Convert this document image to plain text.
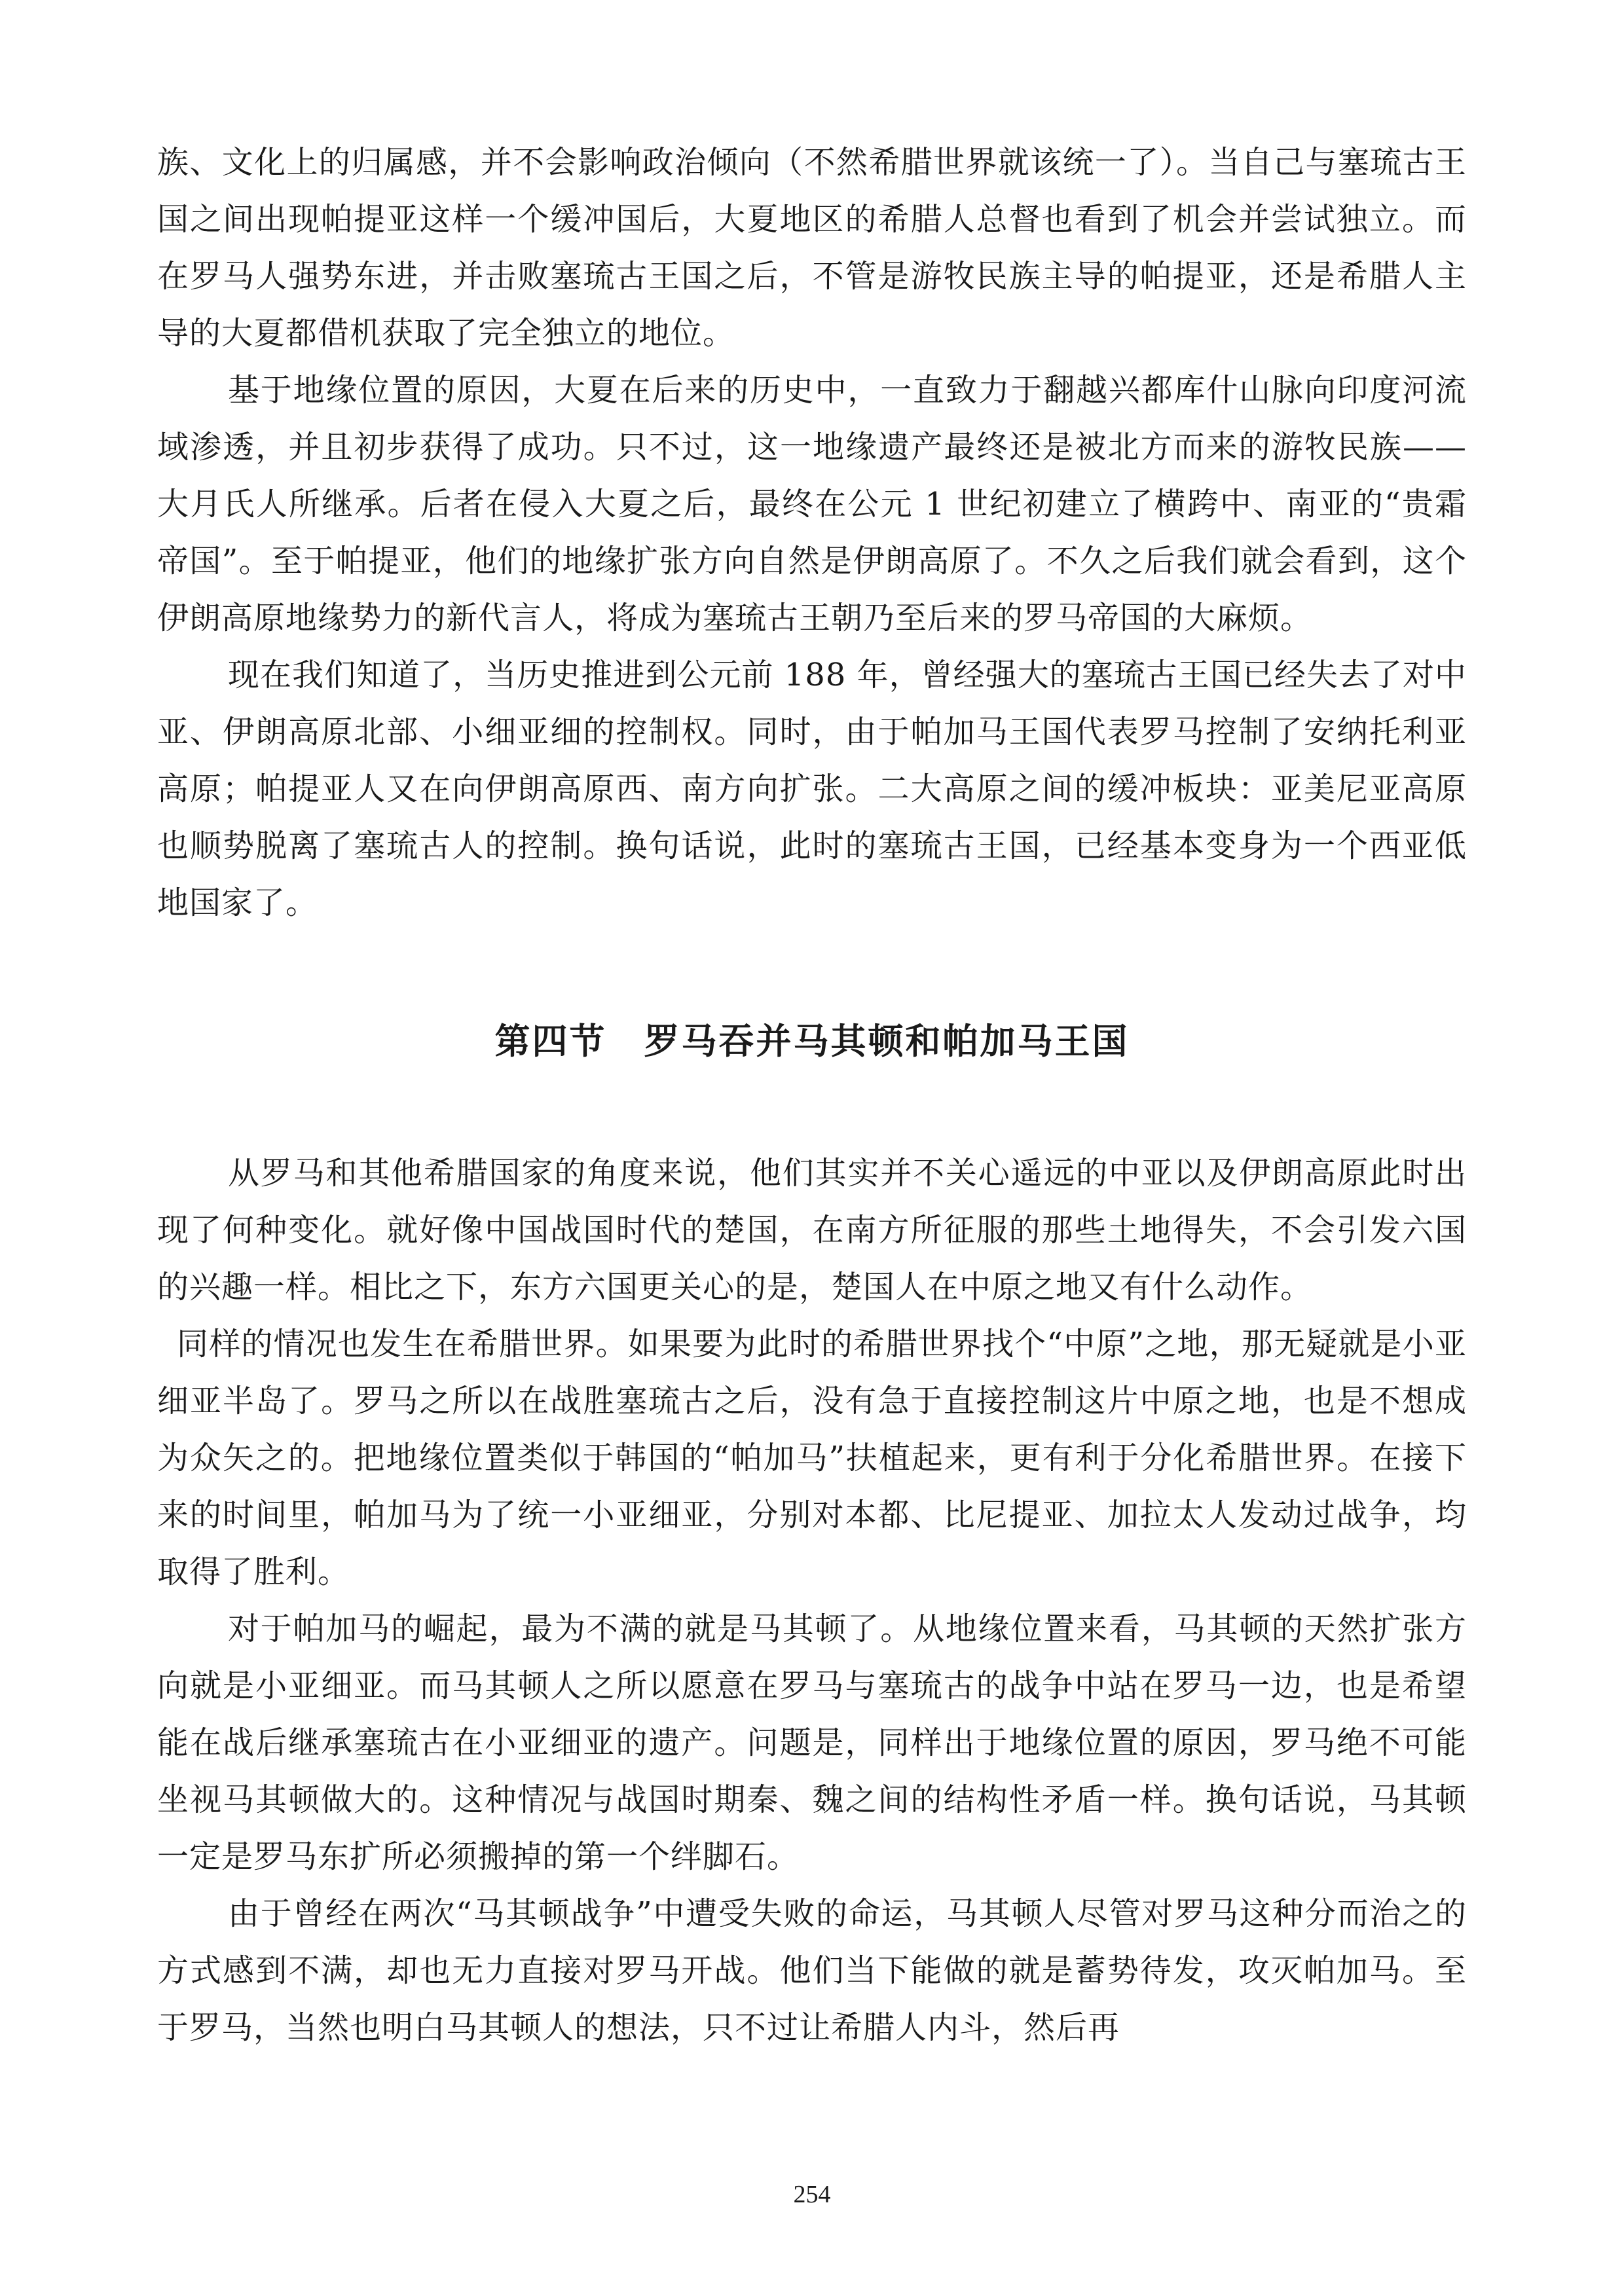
族、文化上的归属感，并不会影响政治倾向（不然希腊世界就该统一了）。当自己与塞琉古王国之间出现帕提亚这样一个缓冲国后，大夏地区的希腊人总督也看到了机会并尝试独立。而在罗马人强势东进，并击败塞琉古王国之后，不管是游牧民族主导的帕提亚，还是希腊人主导的大夏都借机获取了完全独立的地位。

基于地缘位置的原因，大夏在后来的历史中，一直致力于翻越兴都库什山脉向印度河流域渗透，并且初步获得了成功。只不过，这一地缘遗产最终还是被北方而来的游牧民族——大月氏人所继承。后者在侵入大夏之后，最终在公元 1 世纪初建立了横跨中、南亚的“贵霜帝国”。至于帕提亚，他们的地缘扩张方向自然是伊朗高原了。不久之后我们就会看到，这个伊朗高原地缘势力的新代言人，将成为塞琉古王朝乃至后来的罗马帝国的大麻烦。

现在我们知道了，当历史推进到公元前 188 年，曾经强大的塞琉古王国已经失去了对中亚、伊朗高原北部、小细亚细的控制权。同时，由于帕加马王国代表罗马控制了安纳托利亚高原；帕提亚人又在向伊朗高原西、南方向扩张。二大高原之间的缓冲板块：亚美尼亚高原也顺势脱离了塞琉古人的控制。换句话说，此时的塞琉古王国，已经基本变身为一个西亚低地国家了。

第四节　罗马吞并马其顿和帕加马王国

从罗马和其他希腊国家的角度来说，他们其实并不关心遥远的中亚以及伊朗高原此时出现了何种变化。就好像中国战国时代的楚国，在南方所征服的那些土地得失，不会引发六国的兴趣一样。相比之下，东方六国更关心的是，楚国人在中原之地又有什么动作。

同样的情况也发生在希腊世界。如果要为此时的希腊世界找个“中原”之地，那无疑就是小亚细亚半岛了。罗马之所以在战胜塞琉古之后，没有急于直接控制这片中原之地，也是不想成为众矢之的。把地缘位置类似于韩国的“帕加马”扶植起来，更有利于分化希腊世界。在接下来的时间里，帕加马为了统一小亚细亚，分别对本都、比尼提亚、加拉太人发动过战争，均取得了胜利。

对于帕加马的崛起，最为不满的就是马其顿了。从地缘位置来看，马其顿的天然扩张方向就是小亚细亚。而马其顿人之所以愿意在罗马与塞琉古的战争中站在罗马一边，也是希望能在战后继承塞琉古在小亚细亚的遗产。问题是，同样出于地缘位置的原因，罗马绝不可能坐视马其顿做大的。这种情况与战国时期秦、魏之间的结构性矛盾一样。换句话说，马其顿一定是罗马东扩所必须搬掉的第一个绊脚石。

由于曾经在两次“马其顿战争”中遭受失败的命运，马其顿人尽管对罗马这种分而治之的方式感到不满，却也无力直接对罗马开战。他们当下能做的就是蓄势待发，攻灭帕加马。至于罗马，当然也明白马其顿人的想法，只不过让希腊人内斗，然后再

254
